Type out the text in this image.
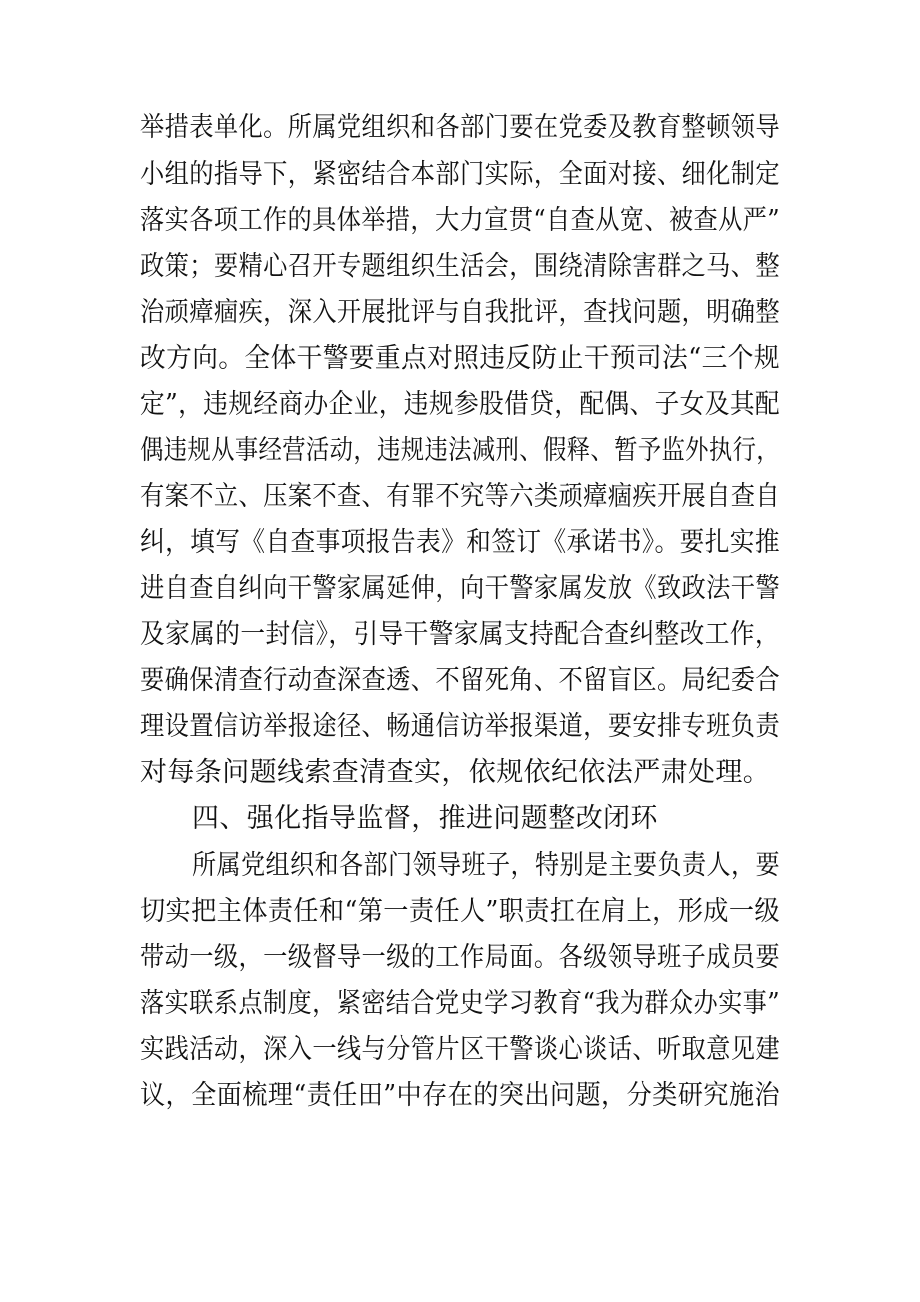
举措表单化。所属党组织和各部门要在党委及教育整顿领导
小组的指导下，紧密结合本部门实际，全面对接、细化制定
落实各项工作的具体举措，大力宣贯“自查从宽、被查从严”
政策；要精心召开专题组织生活会，围绕清除害群之马、整
治顽瘴痼疾，深入开展批评与自我批评，查找问题，明确整
改方向。全体干警要重点对照违反防止干预司法“三个规
定”，违规经商办企业，违规参股借贷，配偶、子女及其配
偶违规从事经营活动，违规违法减刑、假释、暂予监外执行，
有案不立、压案不查、有罪不究等六类顽瘴痼疾开展自查自
纠，填写《自查事项报告表》和签订《承诺书》。要扎实推
进自查自纠向干警家属延伸，向干警家属发放《致政法干警
及家属的一封信》，引导干警家属支持配合查纠整改工作，
要确保清查行动查深查透、不留死角、不留盲区。局纪委合
理设置信访举报途径、畅通信访举报渠道，要安排专班负责
对每条问题线索查清查实，依规依纪依法严肃处理。
四、强化指导监督，推进问题整改闭环
所属党组织和各部门领导班子，特别是主要负责人，要
切实把主体责任和“第一责任人”职责扛在肩上，形成一级
带动一级，一级督导一级的工作局面。各级领导班子成员要
落实联系点制度，紧密结合党史学习教育“我为群众办实事”
实践活动，深入一线与分管片区干警谈心谈话、听取意见建
议，全面梳理“责任田”中存在的突出问题，分类研究施治
